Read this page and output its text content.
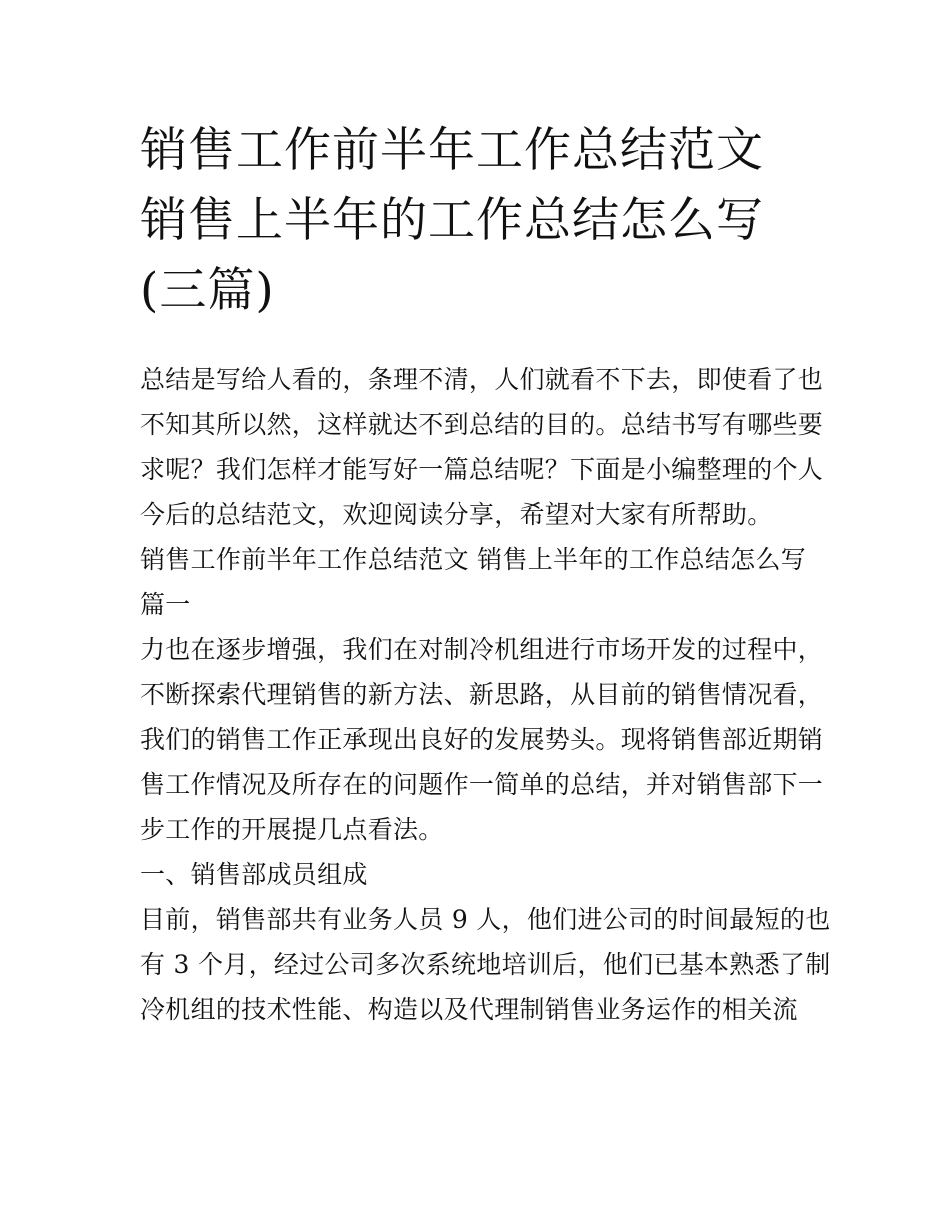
销售工作前半年工作总结范文
销售上半年的工作总结怎么写
(三篇)
总结是写给人看的，条理不清，人们就看不下去，即使看了也
不知其所以然，这样就达不到总结的目的。总结书写有哪些要
求呢？我们怎样才能写好一篇总结呢？下面是小编整理的个人
今后的总结范文，欢迎阅读分享，希望对大家有所帮助。
销售工作前半年工作总结范文 销售上半年的工作总结怎么写
篇一
力也在逐步增强，我们在对制冷机组进行市场开发的过程中，
不断探索代理销售的新方法、新思路，从目前的销售情况看，
我们的销售工作正承现出良好的发展势头。现将销售部近期销
售工作情况及所存在的问题作一简单的总结，并对销售部下一
步工作的开展提几点看法。
一、销售部成员组成
目前，销售部共有业务人员 9 人，他们进公司的时间最短的也
有 3 个月，经过公司多次系统地培训后，他们已基本熟悉了制
冷机组的技术性能、构造以及代理制销售业务运作的相关流
